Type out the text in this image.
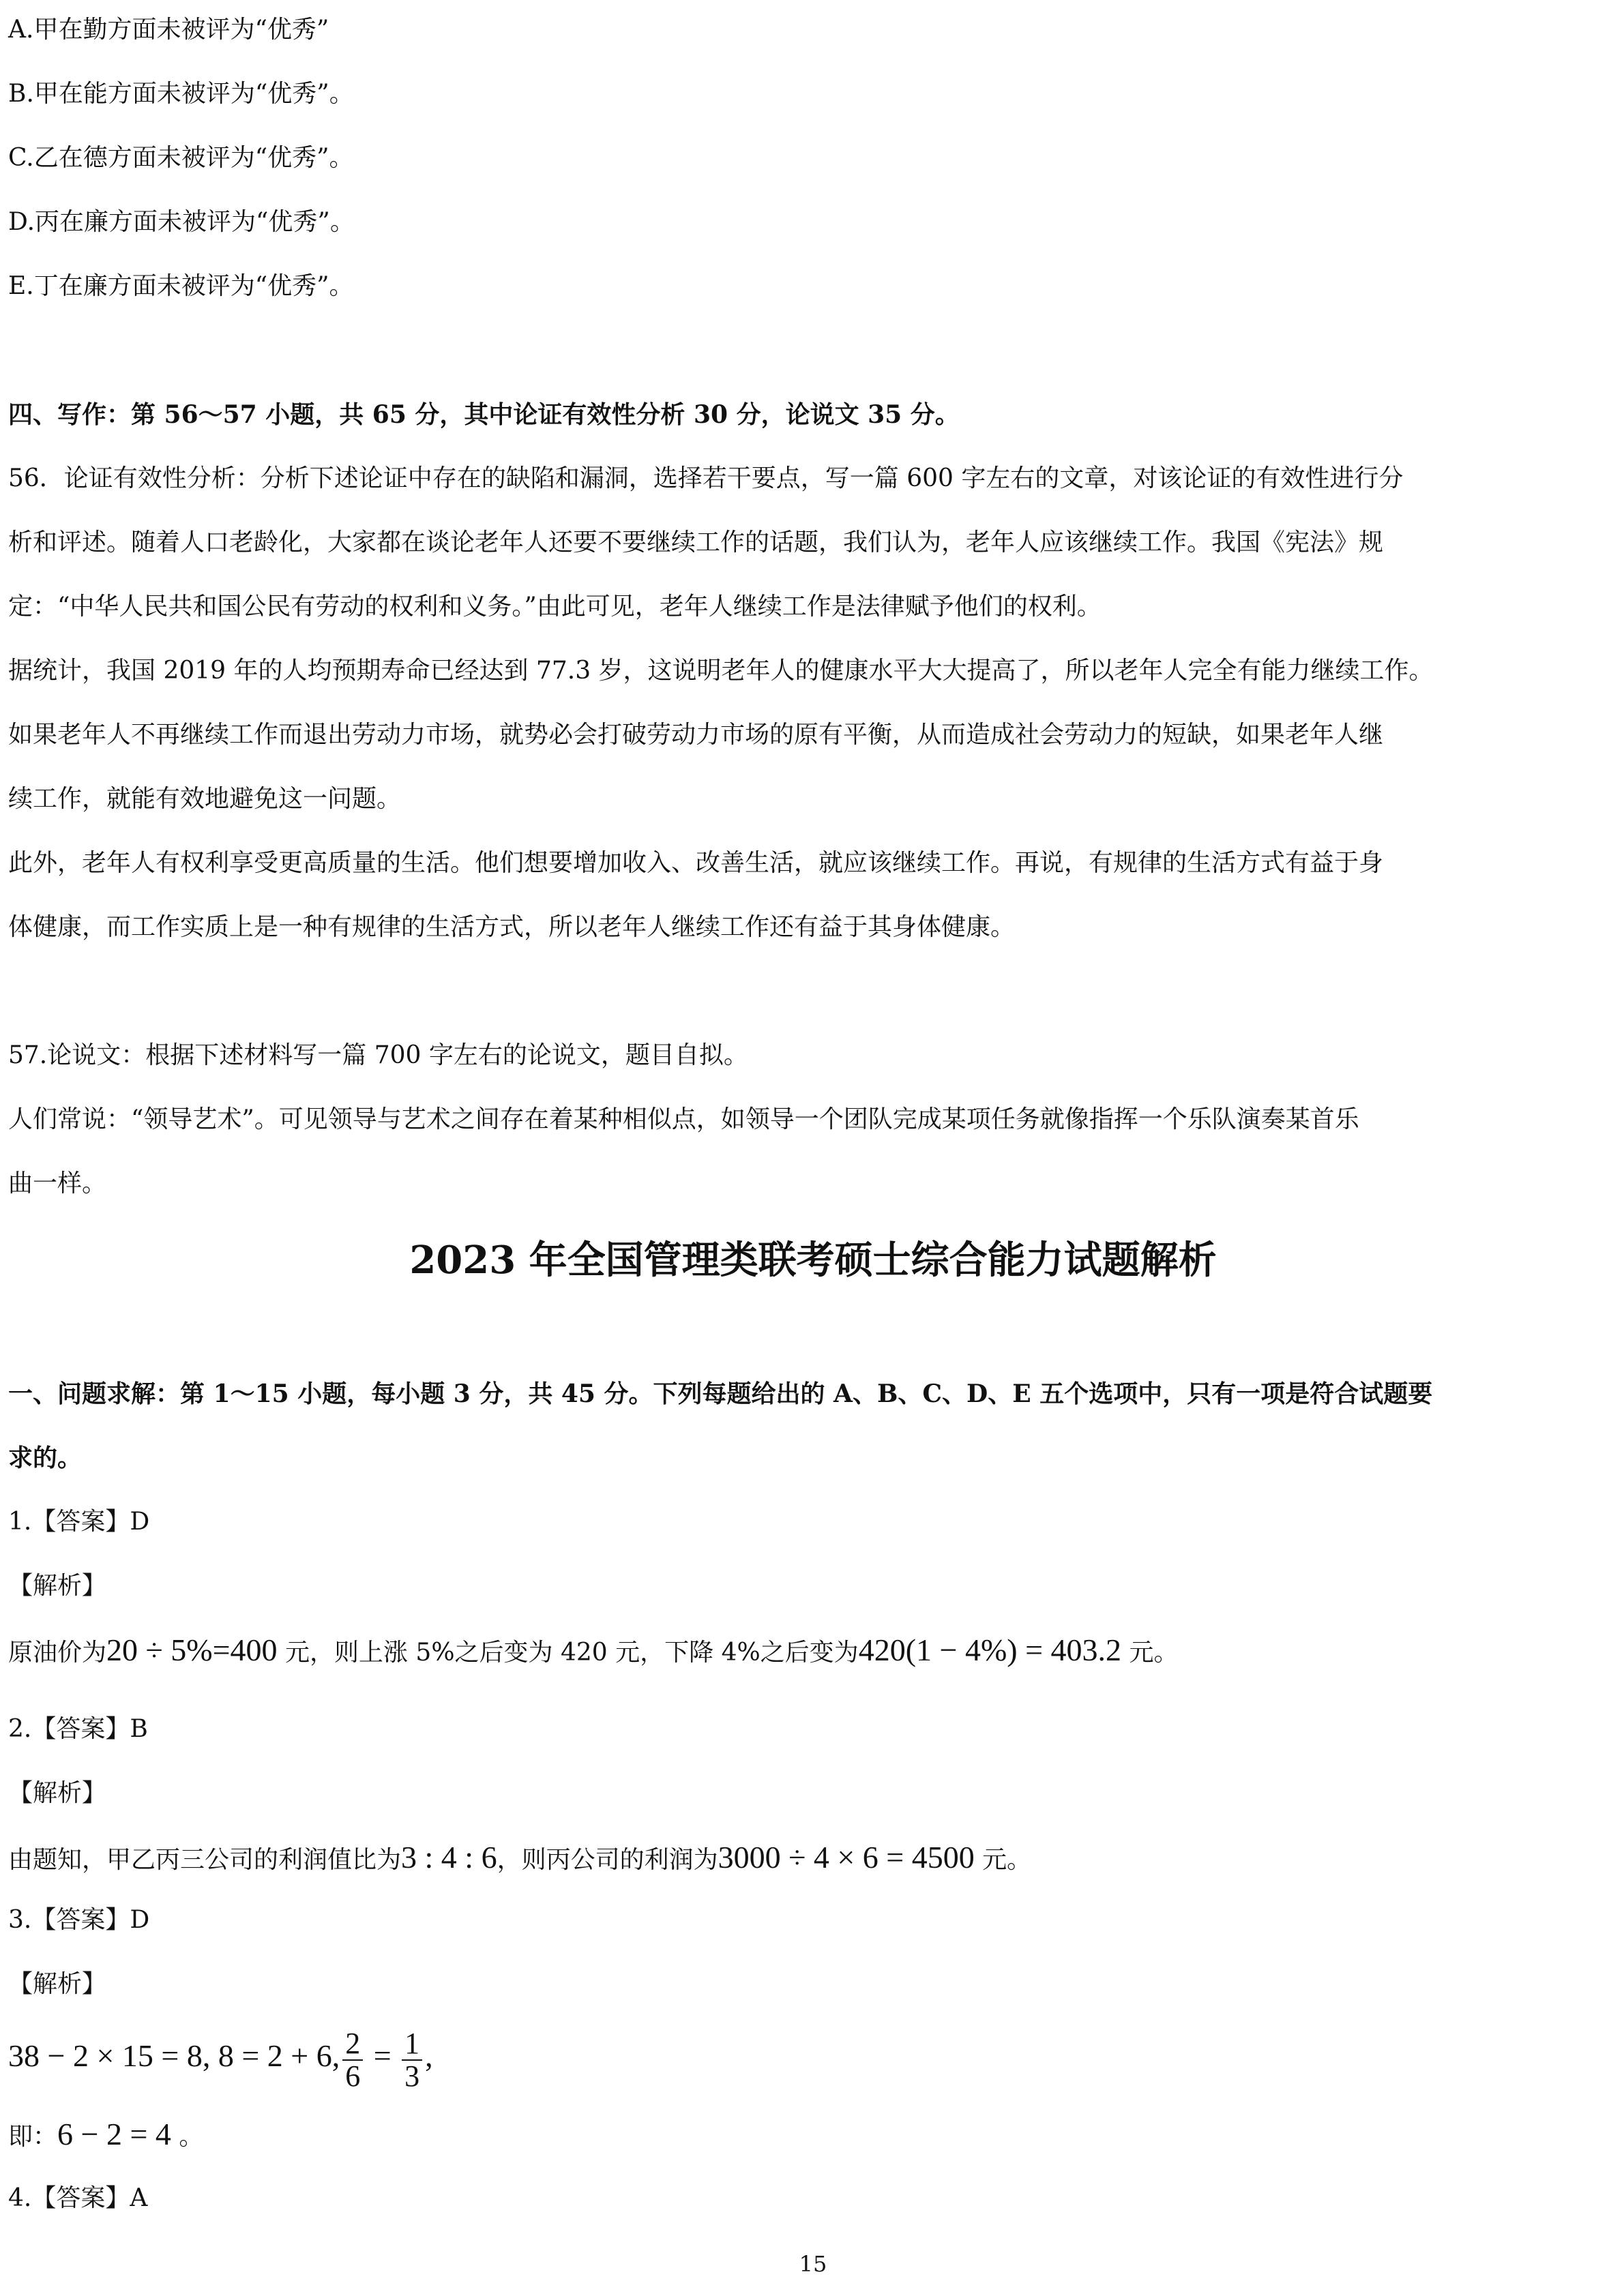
A.甲在勤方面未被评为“优秀”
B.甲在能方面未被评为“优秀”。
C.乙在德方面未被评为“优秀”。
D.丙在廉方面未被评为“优秀”。
E.丁在廉方面未被评为“优秀”。
四、写作：第 56～57 小题，共 65 分，其中论证有效性分析 30 分，论说文 35 分。
56．论证有效性分析：分析下述论证中存在的缺陷和漏洞，选择若干要点，写一篇 600 字左右的文章，对该论证的有效性进行分
析和评述。随着人口老龄化，大家都在谈论老年人还要不要继续工作的话题，我们认为，老年人应该继续工作。我国《宪法》规
定：“中华人民共和国公民有劳动的权利和义务。”由此可见，老年人继续工作是法律赋予他们的权利。
据统计，我国 2019 年的人均预期寿命已经达到 77.3 岁，这说明老年人的健康水平大大提高了，所以老年人完全有能力继续工作。
如果老年人不再继续工作而退出劳动力市场，就势必会打破劳动力市场的原有平衡，从而造成社会劳动力的短缺，如果老年人继
续工作，就能有效地避免这一问题。
此外，老年人有权利享受更高质量的生活。他们想要增加收入、改善生活，就应该继续工作。再说，有规律的生活方式有益于身
体健康，而工作实质上是一种有规律的生活方式，所以老年人继续工作还有益于其身体健康。
57.论说文：根据下述材料写一篇 700 字左右的论说文，题目自拟。
人们常说：“领导艺术”。可见领导与艺术之间存在着某种相似点，如领导一个团队完成某项任务就像指挥一个乐队演奏某首乐
曲一样。
2023 年全国管理类联考硕士综合能力试题解析
一、问题求解：第 1～15 小题，每小题 3 分，共 45 分。下列每题给出的 A、B、C、D、E 五个选项中，只有一项是符合试题要
求的。
1.【答案】D
【解析】
原油价为20 ÷ 5%=400 元，则上涨 5%之后变为 420 元，下降 4%之后变为420(1 − 4%) = 403.2 元。
2.【答案】B
【解析】
由题知，甲乙丙三公司的利润值比为3 : 4 : 6，则丙公司的利润为3000 ÷ 4 × 6 = 4500 元。
3.【答案】D
【解析】
38 − 2 × 15 = 8, 8 = 2 + 6, $\frac{2}{6} = \frac{1}{3}$ ,
即：6 − 2 = 4 。
4.【答案】A
15
